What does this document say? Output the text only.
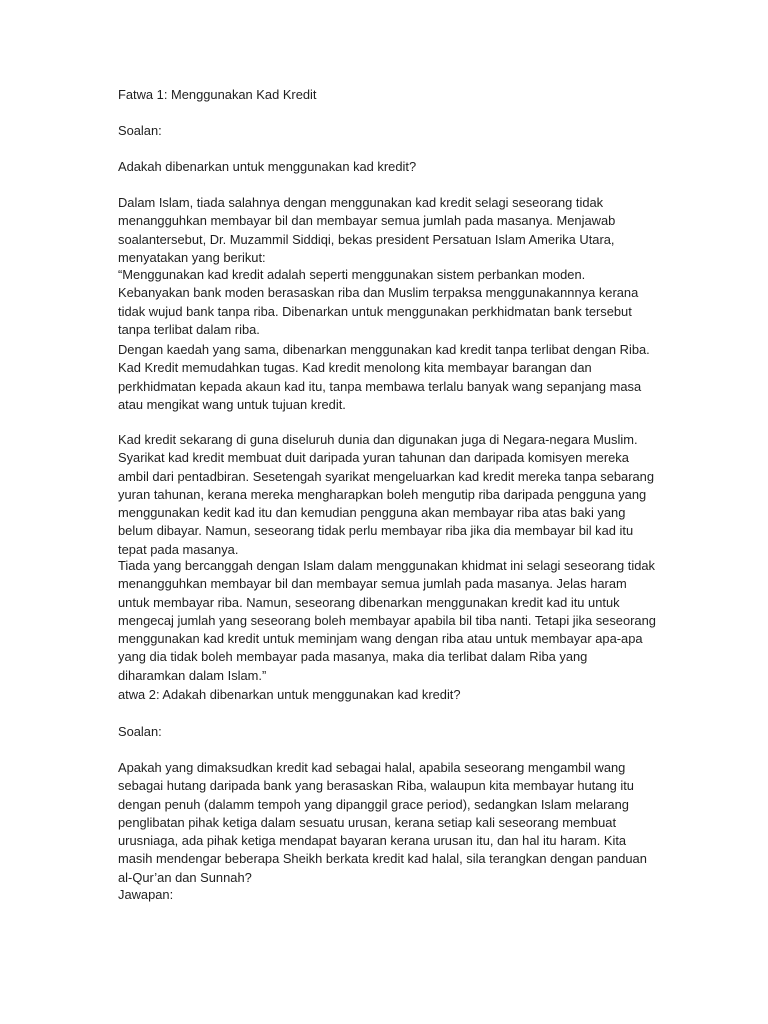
Fatwa 1: Menggunakan Kad Kredit

Soalan:

Adakah dibenarkan untuk menggunakan kad kredit?

Dalam Islam, tiada salahnya dengan menggunakan kad kredit selagi seseorang tidak menangguhkan membayar bil dan membayar semua jumlah pada masanya. Menjawab soalantersebut, Dr. Muzammil Siddiqi, bekas president Persatuan Islam Amerika Utara, menyatakan yang berikut:

“Menggunakan kad kredit adalah seperti menggunakan sistem perbankan moden. Kebanyakan bank moden berasaskan riba dan Muslim terpaksa menggunakannnya kerana tidak wujud bank tanpa riba. Dibenarkan untuk menggunakan perkhidmatan bank tersebut tanpa terlibat dalam riba.

Dengan kaedah yang sama, dibenarkan menggunakan kad kredit tanpa terlibat dengan Riba. Kad Kredit memudahkan tugas. Kad kredit menolong kita membayar barangan dan perkhidmatan kepada akaun kad itu, tanpa membawa terlalu banyak wang sepanjang masa atau mengikat wang untuk tujuan kredit.

Kad kredit sekarang di guna diseluruh dunia dan digunakan juga di Negara-negara Muslim. Syarikat kad kredit membuat duit daripada yuran tahunan dan daripada komisyen mereka ambil dari pentadbiran. Sesetengah syarikat mengeluarkan kad kredit mereka tanpa sebarang yuran tahunan, kerana mereka mengharapkan boleh mengutip riba daripada pengguna yang menggunakan kedit kad itu dan kemudian pengguna akan membayar riba atas baki yang belum dibayar. Namun, seseorang tidak perlu membayar riba jika dia membayar bil kad itu tepat pada masanya.

Tiada yang bercanggah dengan Islam dalam menggunakan khidmat ini selagi seseorang tidak menangguhkan membayar bil dan membayar semua jumlah pada masanya. Jelas haram untuk membayar riba. Namun, seseorang dibenarkan menggunakan kredit kad itu untuk mengecaj jumlah yang seseorang boleh membayar apabila bil tiba nanti. Tetapi jika seseorang menggunakan kad kredit untuk meminjam wang dengan riba atau untuk membayar apa-apa yang dia tidak boleh membayar pada masanya, maka dia terlibat dalam Riba yang diharamkan dalam Islam.”

atwa 2: Adakah dibenarkan untuk menggunakan kad kredit?

Soalan:

Apakah yang dimaksudkan kredit kad sebagai halal, apabila seseorang mengambil wang sebagai hutang daripada bank yang berasaskan Riba, walaupun kita membayar hutang itu dengan penuh (dalamm tempoh yang dipanggil grace period), sedangkan Islam melarang penglibatan pihak ketiga dalam sesuatu urusan, kerana setiap kali seseorang membuat urusniaga, ada pihak ketiga mendapat bayaran kerana urusan itu, dan hal itu haram. Kita masih mendengar beberapa Sheikh berkata kredit kad halal, sila terangkan dengan panduan al-Qur’an dan Sunnah?

Jawapan:
